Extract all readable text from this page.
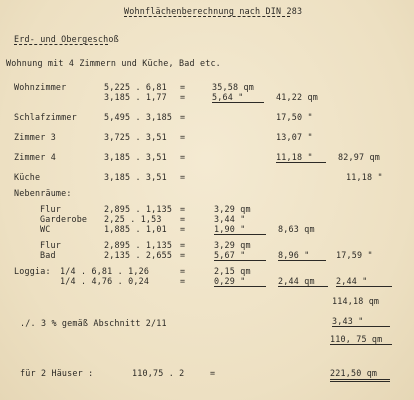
Wohnflächenberechnung nach DIN 283
Erd- und Obergeschoß
Wohnung mit 4 Zimmern und Küche, Bad etc.
Wohnzimmer	5,225 . 6,81 =	35,58 qm
3,185 . 1,77 =	5,64 "	41,22 qm
Schlafzimmer	5,495 . 3,185 =	17,50 "
Zimmer 3	3,725 . 3,51 =	13,07 "
Zimmer 4	3,185 . 3,51 =	11,18 "	82,97 qm
Küche	3,185 . 3,51 =	11,18 "
Nebenräume:
Flur	2,895 . 1,135 =	3,29 qm
Garderobe 2,25 . 1,53 =	3,44 "
WC	1,885 . 1,01 =	1,90 "	8,63 qm
Flur	2,895 . 1,135 =	3,29 qm
Bad	2,135 . 2,655 =	5,67 "	8,96 "	17,59 "
Loggia: 1/4 . 6,81 . 1,26	=	2,15 qm
1/4 . 4,76 . 0,24	=	0,29 "	2,44 qm	2,44 "
114,18 qm
./. 3 % gemäß Abschnitt 2/11	3,43 "
110, 75 qm
für 2 Häuser :	110,75 . 2	=	221,50 qm
